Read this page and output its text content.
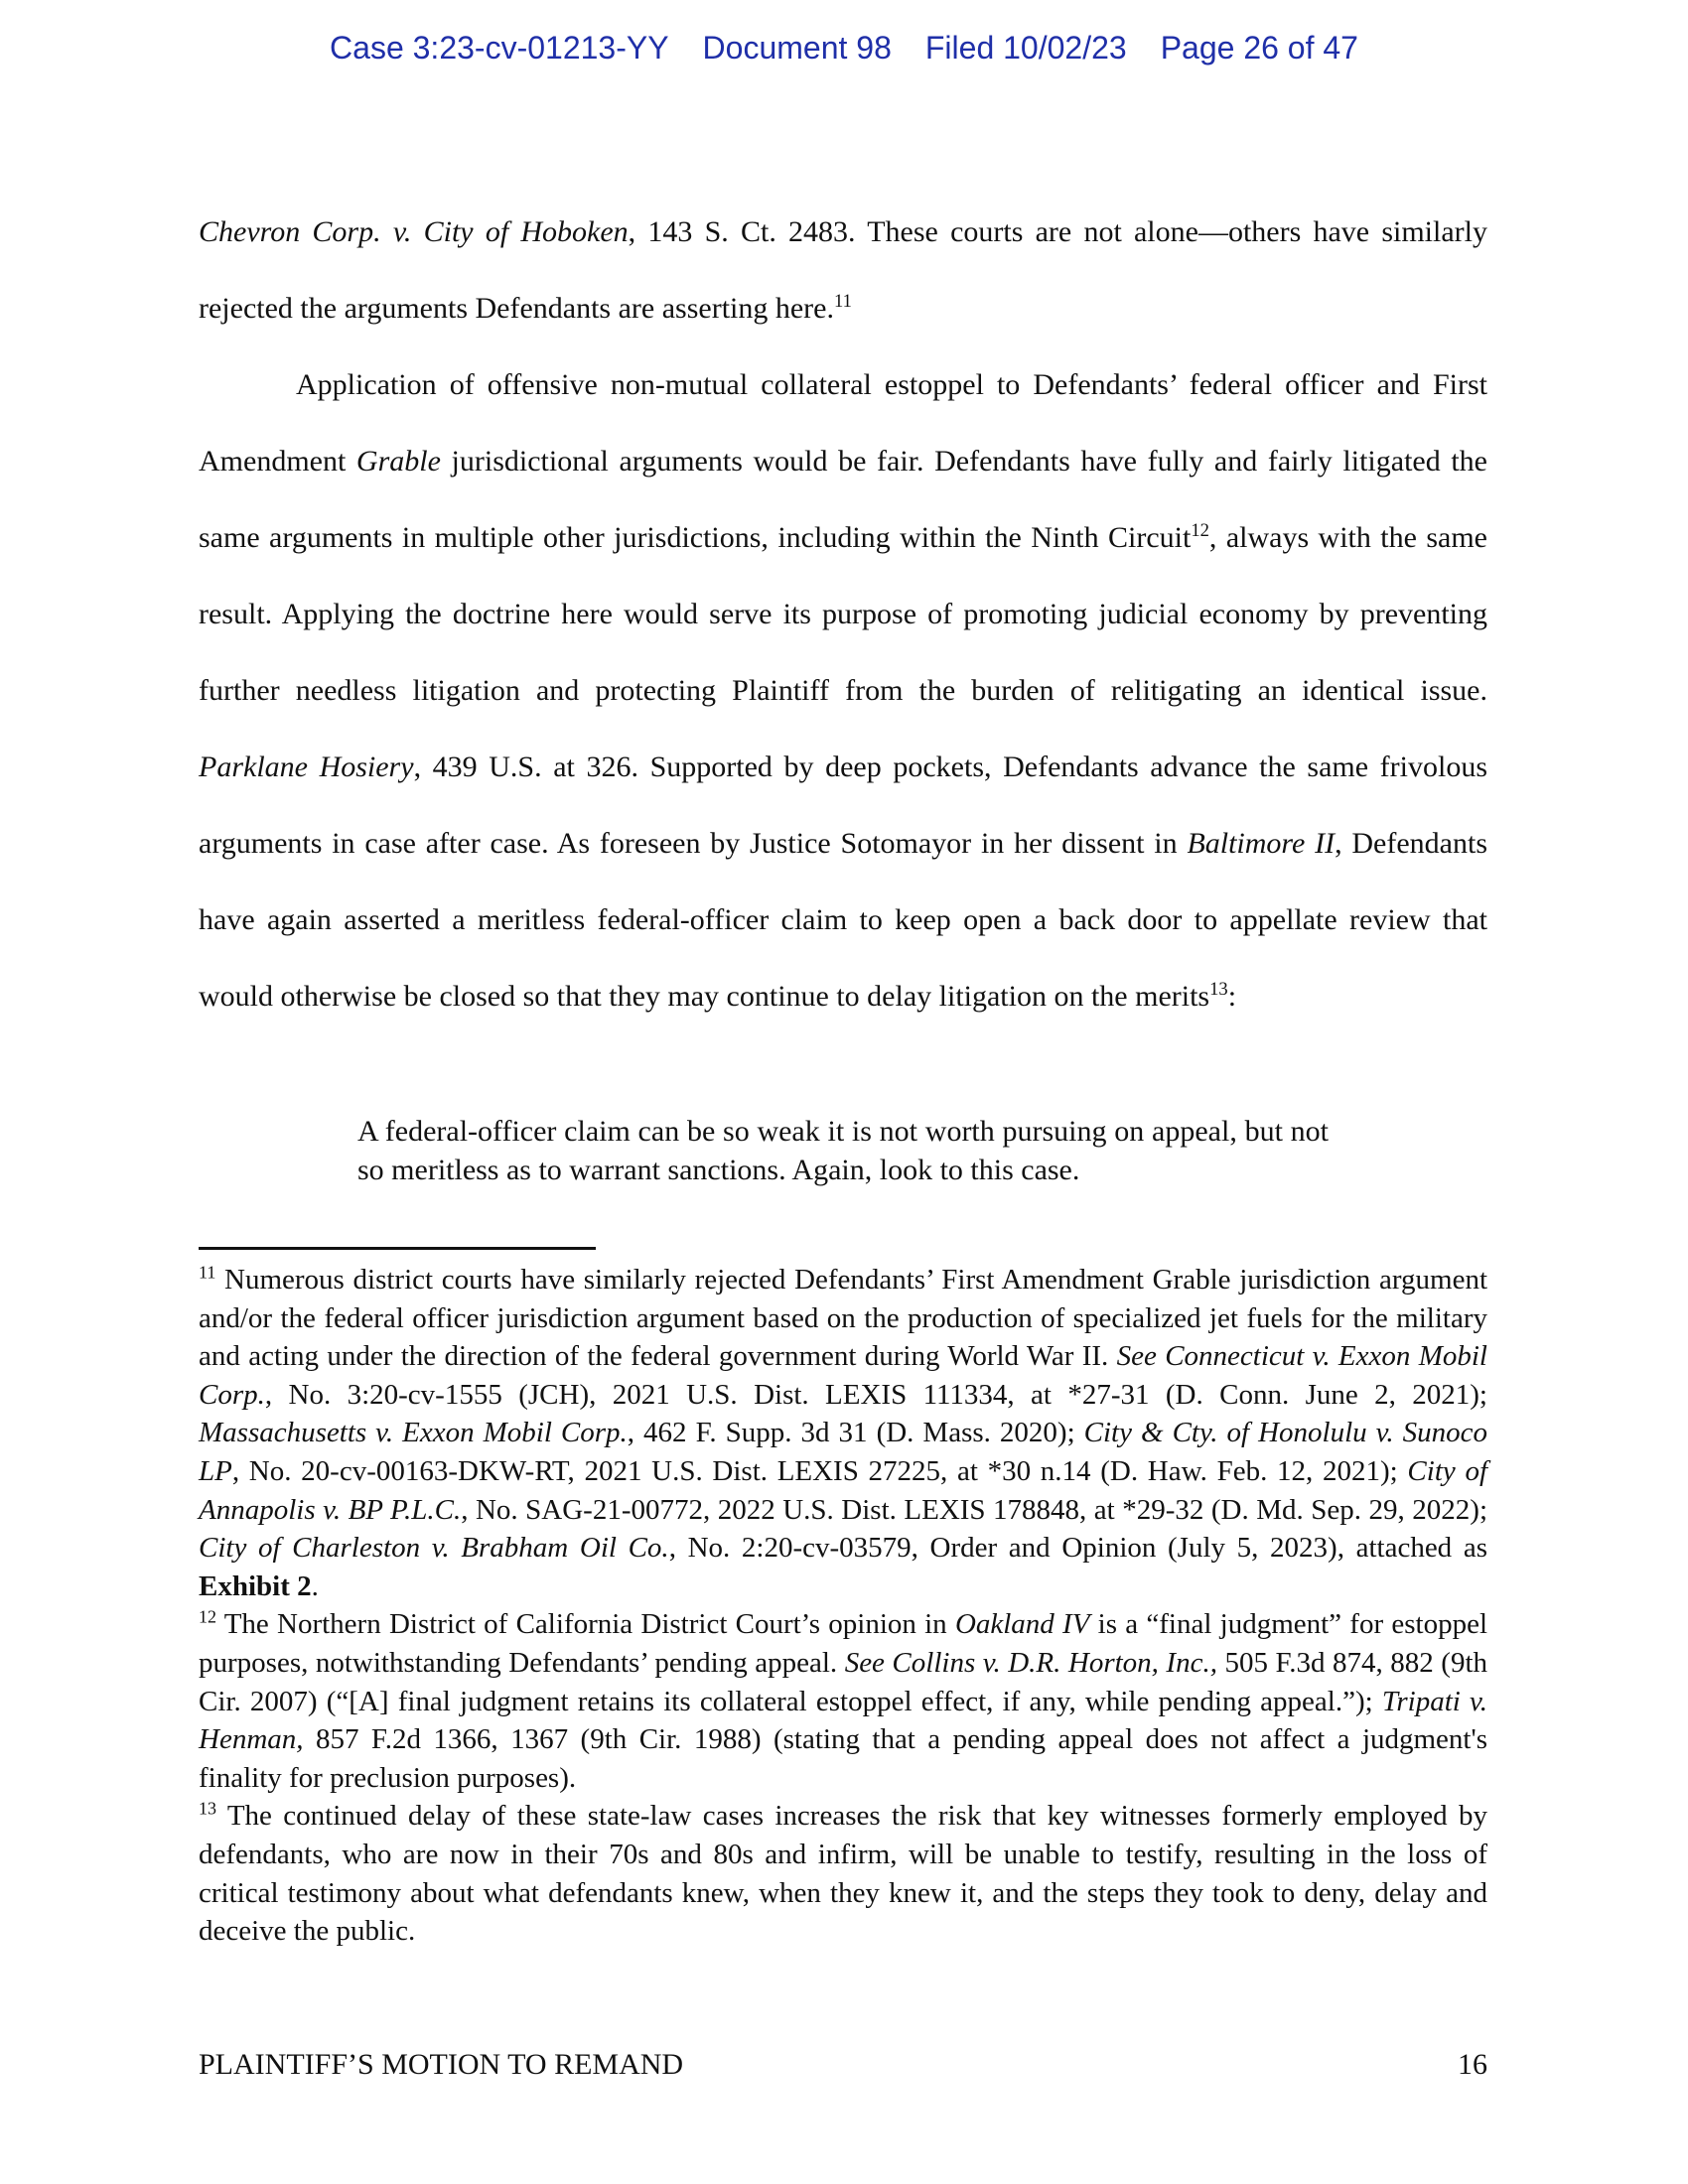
Case 3:23-cv-01213-YY Document 98 Filed 10/02/23 Page 26 of 47

Chevron Corp. v. City of Hoboken, 143 S. Ct. 2483. These courts are not alone—others have similarly rejected the arguments Defendants are asserting here.$^{11}$

Application of offensive non-mutual collateral estoppel to Defendants’ federal officer and First Amendment Grable jurisdictional arguments would be fair. Defendants have fully and fairly litigated the same arguments in multiple other jurisdictions, including within the Ninth Circuit$^{12}$, always with the same result. Applying the doctrine here would serve its purpose of promoting judicial economy by preventing further needless litigation and protecting Plaintiff from the burden of relitigating an identical issue. Parklane Hosiery, 439 U.S. at 326. Supported by deep pockets, Defendants advance the same frivolous arguments in case after case. As foreseen by Justice Sotomayor in her dissent in Baltimore II, Defendants have again asserted a meritless federal-officer claim to keep open a back door to appellate review that would otherwise be closed so that they may continue to delay litigation on the merits$^{13}$:

A federal-officer claim can be so weak it is not worth pursuing on appeal, but not so meritless as to warrant sanctions. Again, look to this case.

$^{11}$ Numerous district courts have similarly rejected Defendants’ First Amendment Grable jurisdiction argument and/or the federal officer jurisdiction argument based on the production of specialized jet fuels for the military and acting under the direction of the federal government during World War II. See Connecticut v. Exxon Mobil Corp., No. 3:20-cv-1555 (JCH), 2021 U.S. Dist. LEXIS 111334, at *27-31 (D. Conn. June 2, 2021); Massachusetts v. Exxon Mobil Corp., 462 F. Supp. 3d 31 (D. Mass. 2020); City & Cty. of Honolulu v. Sunoco LP, No. 20-cv-00163-DKW-RT, 2021 U.S. Dist. LEXIS 27225, at *30 n.14 (D. Haw. Feb. 12, 2021); City of Annapolis v. BP P.L.C., No. SAG-21-00772, 2022 U.S. Dist. LEXIS 178848, at *29-32 (D. Md. Sep. 29, 2022); City of Charleston v. Brabham Oil Co., No. 2:20-cv-03579, Order and Opinion (July 5, 2023), attached as Exhibit 2.

$^{12}$ The Northern District of California District Court’s opinion in Oakland IV is a “final judgment” for estoppel purposes, notwithstanding Defendants’ pending appeal. See Collins v. D.R. Horton, Inc., 505 F.3d 874, 882 (9th Cir. 2007) (“[A] final judgment retains its collateral estoppel effect, if any, while pending appeal.”); Tripati v. Henman, 857 F.2d 1366, 1367 (9th Cir. 1988) (stating that a pending appeal does not affect a judgment's finality for preclusion purposes).

$^{13}$ The continued delay of these state-law cases increases the risk that key witnesses formerly employed by defendants, who are now in their 70s and 80s and infirm, will be unable to testify, resulting in the loss of critical testimony about what defendants knew, when they knew it, and the steps they took to deny, delay and deceive the public.

PLAINTIFF’S MOTION TO REMAND	16
